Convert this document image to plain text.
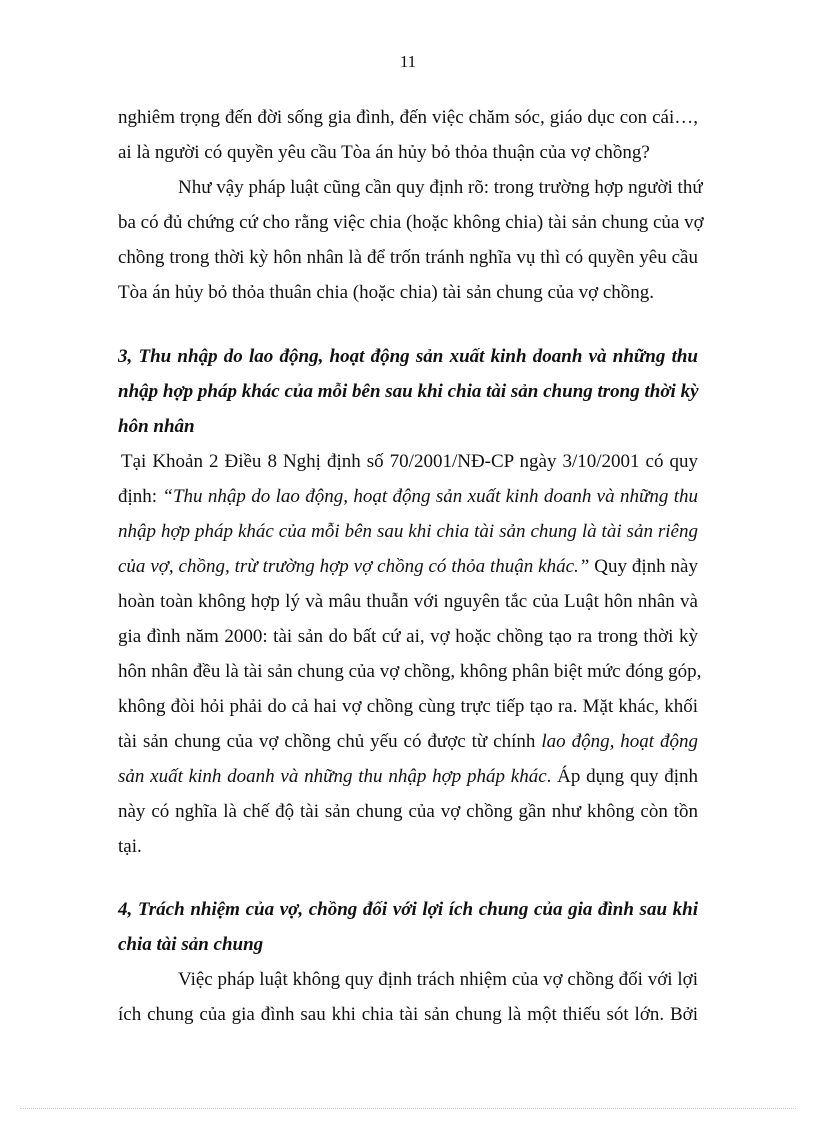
11
nghiêm trọng đến đời sống gia đình, đến việc chăm sóc, giáo dục con cái…,
ai là người có quyền yêu cầu Tòa án hủy bỏ thỏa thuận của vợ chồng?
Như vậy pháp luật cũng cần quy định rõ: trong trường hợp người thứ
ba có đủ chứng cứ cho rằng việc chia (hoặc không chia) tài sản chung của vợ
chồng trong thời kỳ hôn nhân là để trốn tránh nghĩa vụ thì có quyền yêu cầu
Tòa án hủy bỏ thỏa thuân chia (hoặc chia) tài sản chung của vợ chồng.
3, Thu nhập do lao động, hoạt động sản xuất kinh doanh và những thu
nhập hợp pháp khác của mỗi bên sau khi chia tài sản chung trong thời kỳ
hôn nhân
Tại Khoản 2 Điều 8 Nghị định số 70/2001/NĐ-CP ngày 3/10/2001 có quy
định: “Thu nhập do lao động, hoạt động sản xuất kinh doanh và những thu
nhập hợp pháp khác của mỗi bên sau khi chia tài sản chung là tài sản riêng
của vợ, chồng, trừ trường hợp vợ chồng có thỏa thuận khác.” Quy định này
hoàn toàn không hợp lý và mâu thuẫn với nguyên tắc của Luật hôn nhân và
gia đình năm 2000: tài sản do bất cứ ai, vợ hoặc chồng tạo ra trong thời kỳ
hôn nhân đều là tài sản chung của vợ chồng, không phân biệt mức đóng góp,
không đòi hỏi phải do cả hai vợ chồng cùng trực tiếp tạo ra. Mặt khác, khối
tài sản chung của vợ chồng chủ yếu có được từ chính lao động, hoạt động
sản xuất kinh doanh và những thu nhập hợp pháp khác. Áp dụng quy định
này có nghĩa là chế độ tài sản chung của vợ chồng gần như không còn tồn
tại.
4, Trách nhiệm của vợ, chồng đối với lợi ích chung của gia đình sau khi
chia tài sản chung
Việc pháp luật không quy định trách nhiệm của vợ chồng đối với lợi
ích chung của gia đình sau khi chia tài sản chung là một thiếu sót lớn. Bởi
